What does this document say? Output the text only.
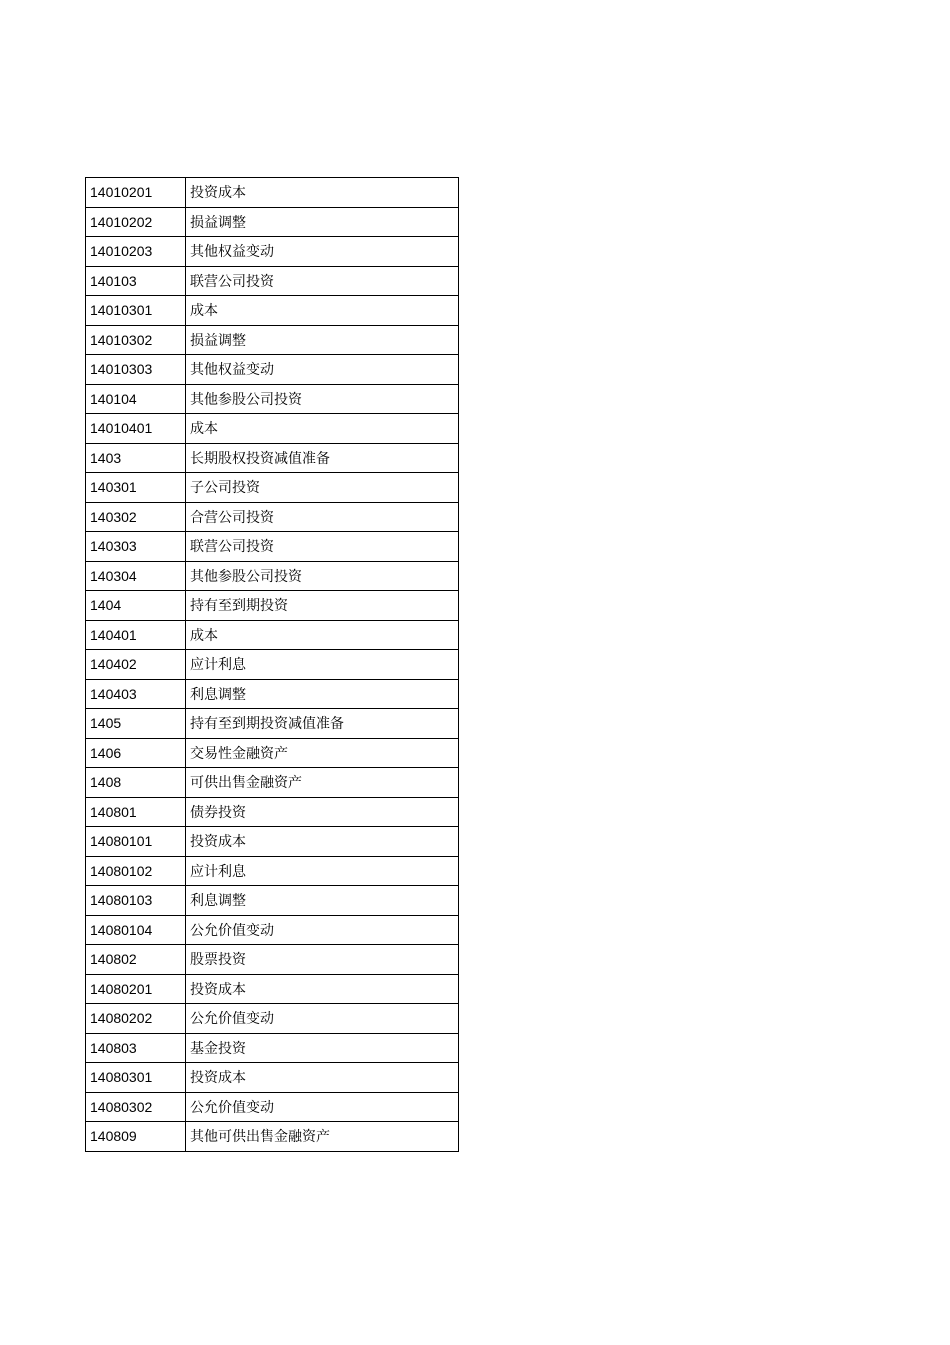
14010201	投资成本
14010202	损益调整
14010203	其他权益变动
140103	联营公司投资
14010301	成本
14010302	损益调整
14010303	其他权益变动
140104	其他参股公司投资
14010401	成本
1403	长期股权投资减值准备
140301	子公司投资
140302	合营公司投资
140303	联营公司投资
140304	其他参股公司投资
1404	持有至到期投资
140401	成本
140402	应计利息
140403	利息调整
1405	持有至到期投资减值准备
1406	交易性金融资产
1408	可供出售金融资产
140801	债券投资
14080101	投资成本
14080102	应计利息
14080103	利息调整
14080104	公允价值变动
140802	股票投资
14080201	投资成本
14080202	公允价值变动
140803	基金投资
14080301	投资成本
14080302	公允价值变动
140809	其他可供出售金融资产
